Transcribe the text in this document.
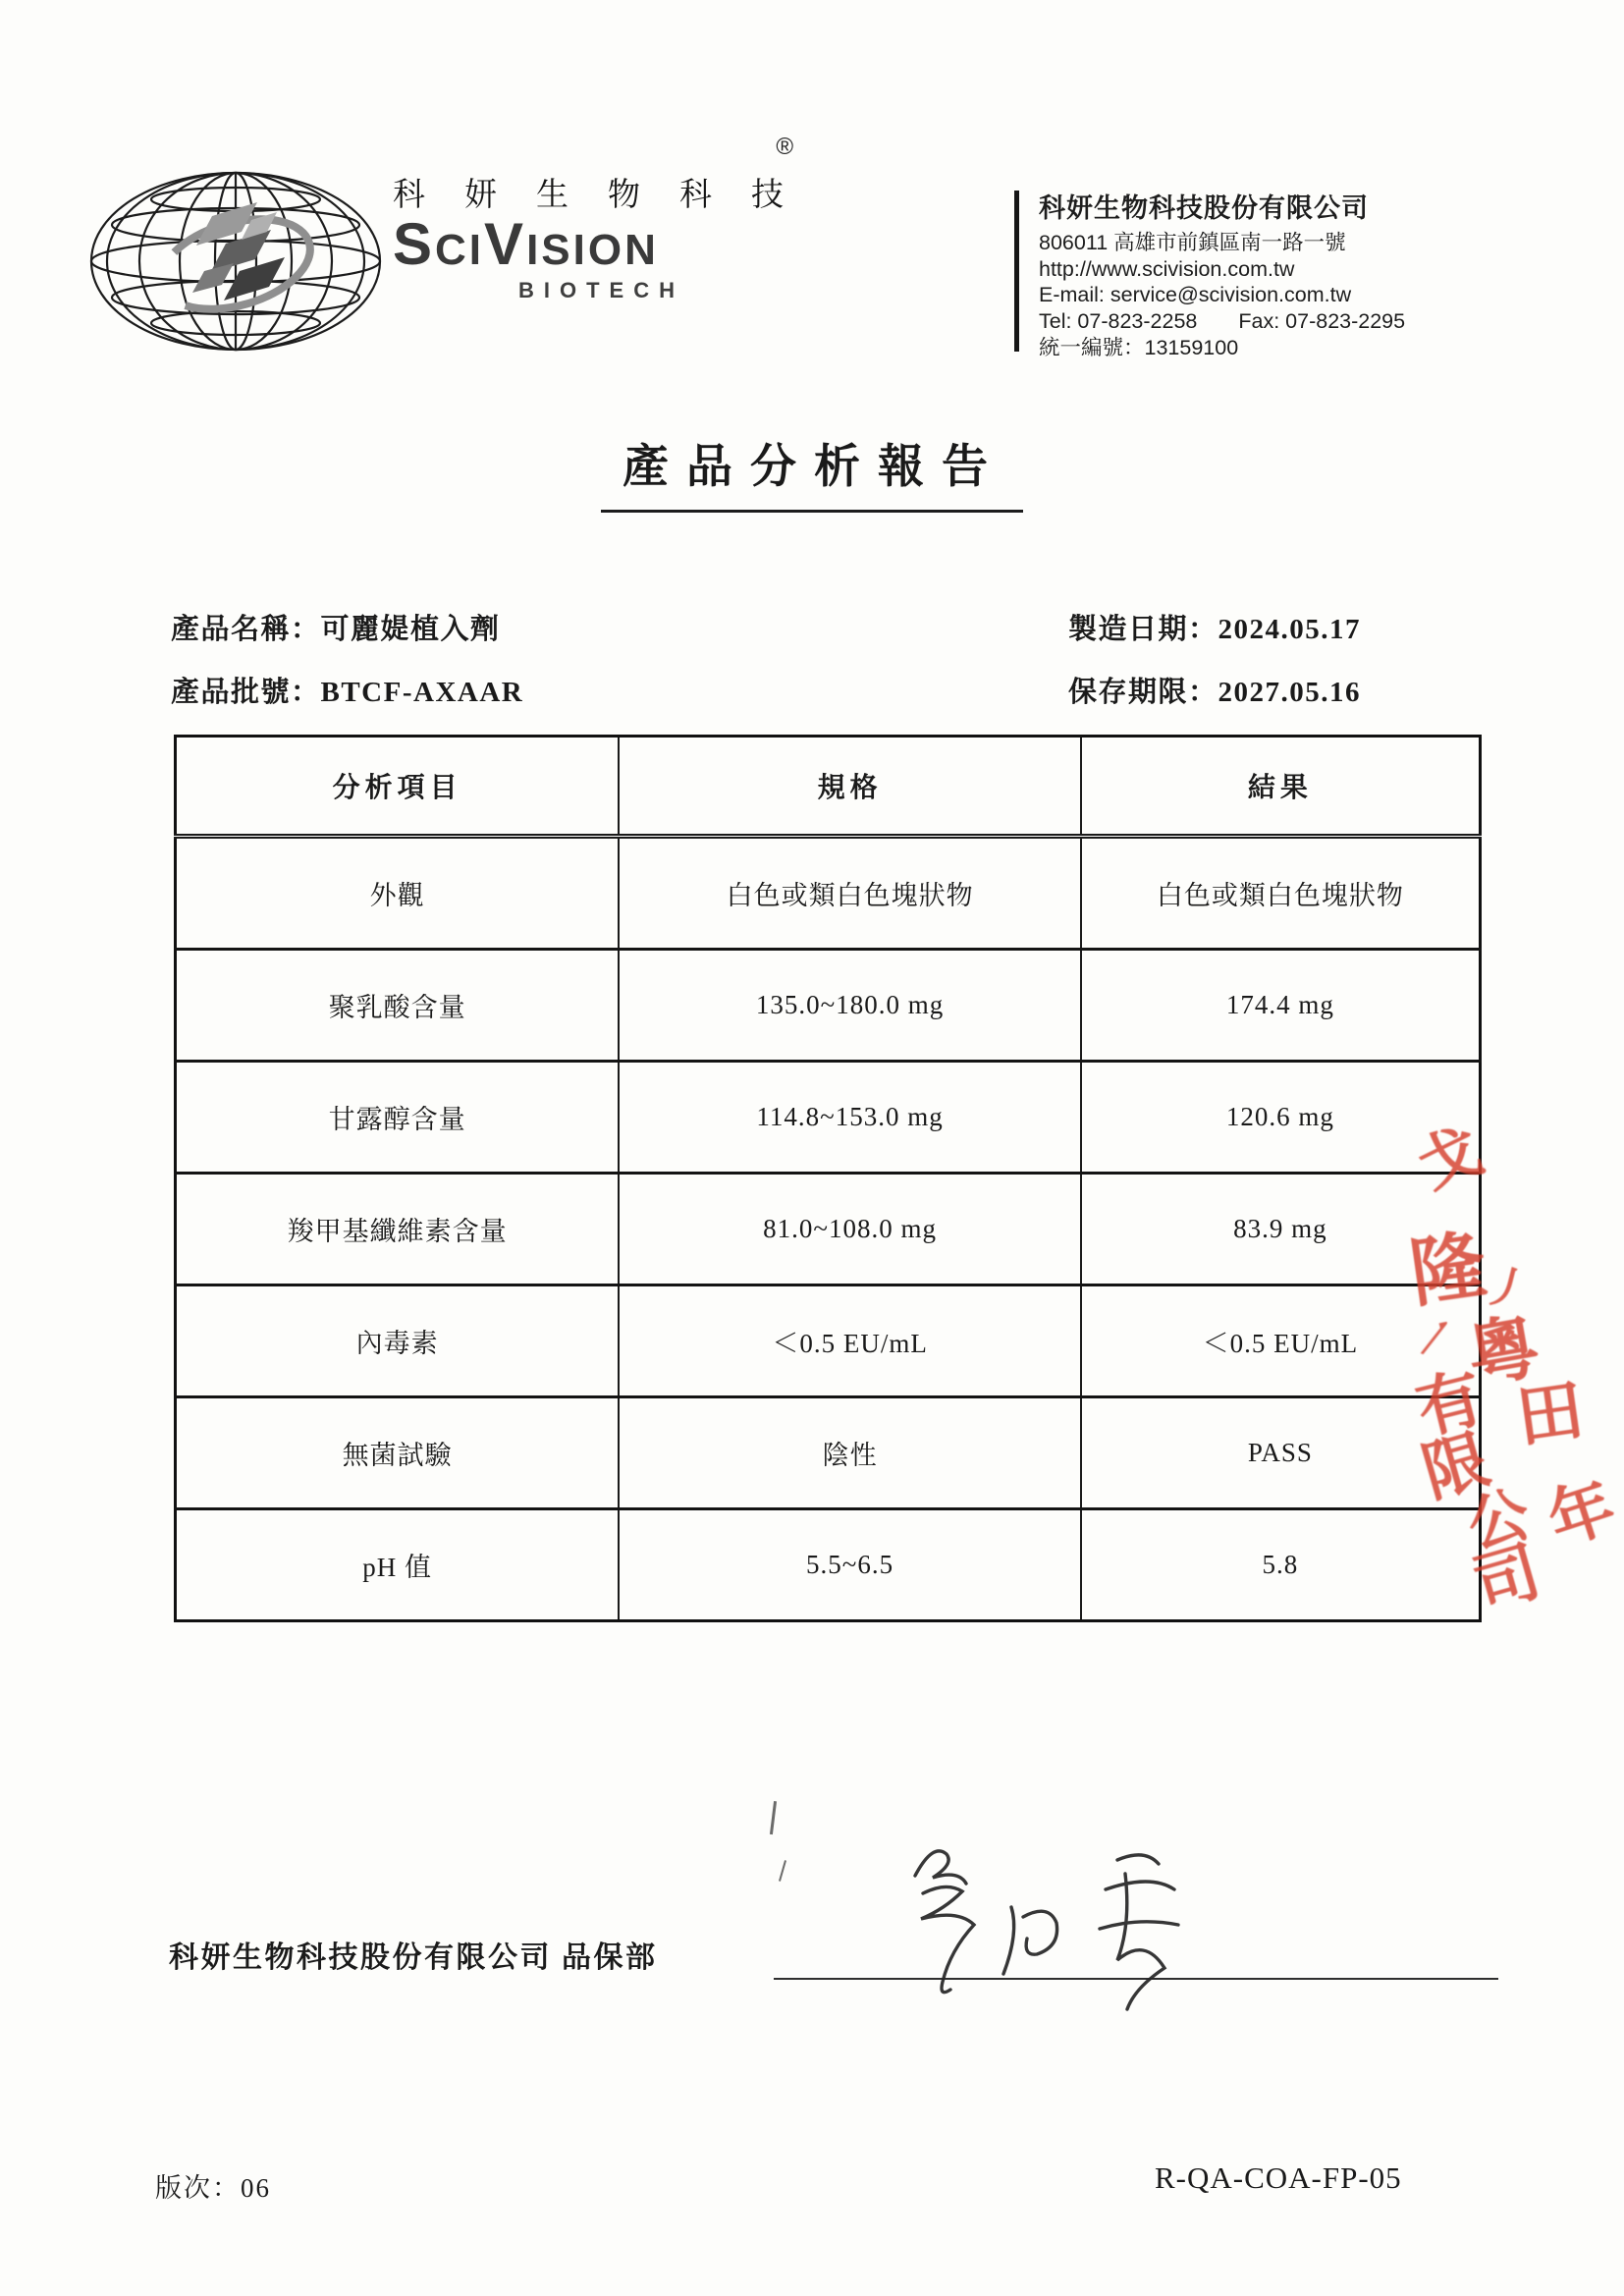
®
科 妍 生 物 科 技
SCIVISION
BIOTECH
科妍生物科技股份有限公司
806011 高雄市前鎮區南一路一號
http://www.scivision.com.tw
E-mail: service@scivision.com.tw
Tel: 07-823-2258 Fax: 07-823-2295
統一編號：13159100
產品分析報告
產品名稱：可麗媞植入劑
產品批號：BTCF-AXAAR
製造日期：2024.05.17
保存期限：2027.05.16
分析項目	規格	結果
外觀	白色或類白色塊狀物	白色或類白色塊狀物
聚乳酸含量	135.0~180.0 mg	174.4 mg
甘露醇含量	114.8~153.0 mg	120.6 mg
羧甲基纖維素含量	81.0~108.0 mg	83.9 mg
內毒素	＜0.5 EU/mL	＜0.5 EU/mL
無菌試驗	陰性	PASS
pH 值	5.5~6.5	5.8
戈
隆
丿
粵
一
有 田
限
公 年
司
科妍生物科技股份有限公司 品保部
版次：06	R-QA-COA-FP-05
